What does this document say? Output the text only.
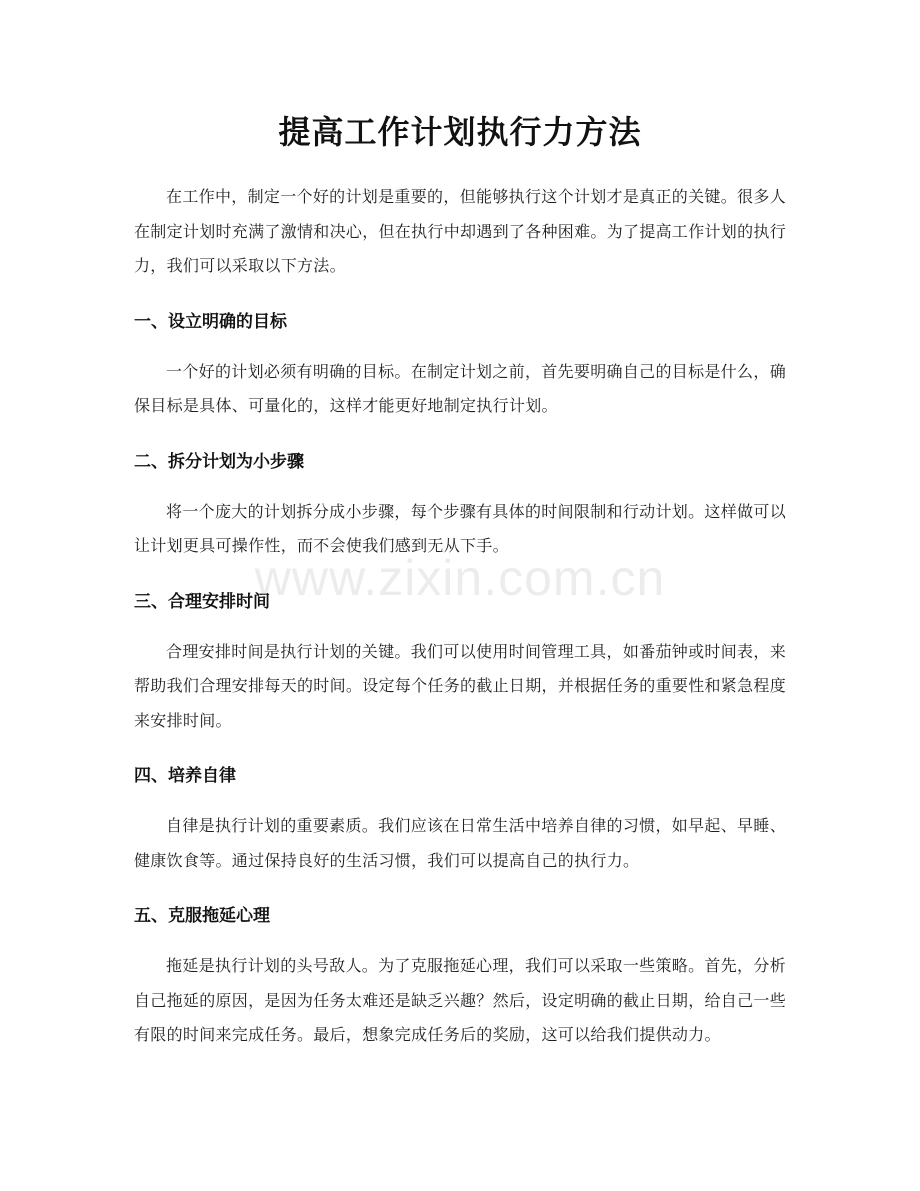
提高工作计划执行力方法

在工作中，制定一个好的计划是重要的，但能够执行这个计划才是真正的关键。很多人在制定计划时充满了激情和决心，但在执行中却遇到了各种困难。为了提高工作计划的执行力，我们可以采取以下方法。

一、设立明确的目标

一个好的计划必须有明确的目标。在制定计划之前，首先要明确自己的目标是什么，确保目标是具体、可量化的，这样才能更好地制定执行计划。

二、拆分计划为小步骤

将一个庞大的计划拆分成小步骤，每个步骤有具体的时间限制和行动计划。这样做可以让计划更具可操作性，而不会使我们感到无从下手。

三、合理安排时间

合理安排时间是执行计划的关键。我们可以使用时间管理工具，如番茄钟或时间表，来帮助我们合理安排每天的时间。设定每个任务的截止日期，并根据任务的重要性和紧急程度来安排时间。

四、培养自律

自律是执行计划的重要素质。我们应该在日常生活中培养自律的习惯，如早起、早睡、健康饮食等。通过保持良好的生活习惯，我们可以提高自己的执行力。

五、克服拖延心理

拖延是执行计划的头号敌人。为了克服拖延心理，我们可以采取一些策略。首先，分析自己拖延的原因，是因为任务太难还是缺乏兴趣？然后，设定明确的截止日期，给自己一些有限的时间来完成任务。最后，想象完成任务后的奖励，这可以给我们提供动力。

www.zixin.com.cn
